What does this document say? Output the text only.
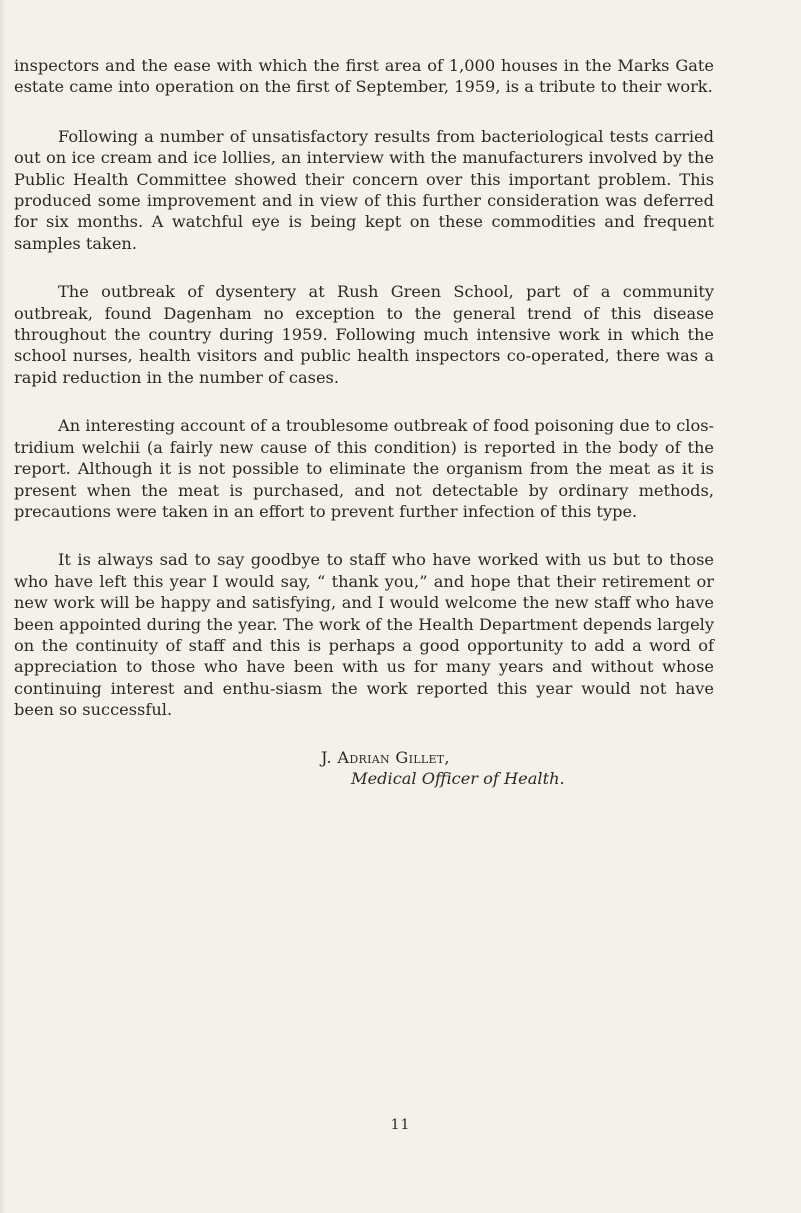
inspectors and the ease with which the first area of 1,000 houses in the Marks Gate estate came into operation on the first of September, 1959, is a tribute to their work.

Following a number of unsatisfactory results from bacteriological tests carried out on ice cream and ice lollies, an interview with the manufacturers involved by the Public Health Committee showed their concern over this important problem. This produced some improvement and in view of this further consideration was deferred for six months. A watchful eye is being kept on these commodities and frequent samples taken.

The outbreak of dysentery at Rush Green School, part of a community outbreak, found Dagenham no exception to the general trend of this disease throughout the country during 1959. Following much intensive work in which the school nurses, health visitors and public health inspectors co-operated, there was a rapid reduction in the number of cases.

An interesting account of a troublesome outbreak of food poisoning due to clos-tridium welchii (a fairly new cause of this condition) is reported in the body of the report. Although it is not possible to eliminate the organism from the meat as it is present when the meat is purchased, and not detectable by ordinary methods, precautions were taken in an effort to prevent further infection of this type.

It is always sad to say goodbye to staff who have worked with us but to those who have left this year I would say, “ thank you,” and hope that their retirement or new work will be happy and satisfying, and I would welcome the new staff who have been appointed during the year. The work of the Health Department depends largely on the continuity of staff and this is perhaps a good opportunity to add a word of appreciation to those who have been with us for many years and without whose continuing interest and enthu-siasm the work reported this year would not have been so successful.

J. Adrian Gillet,
Medical Officer of Health.
11
